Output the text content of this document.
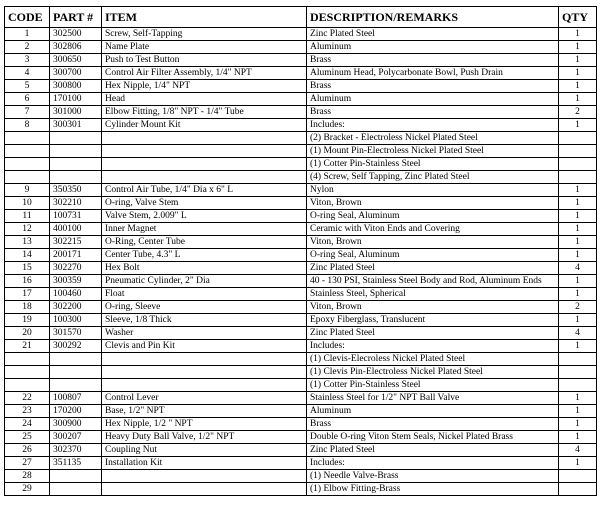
CODE	PART #	ITEM	DESCRIPTION/REMARKS	QTY
1	302500	Screw, Self-Tapping	Zinc Plated Steel	1
2	302806	Name Plate	Aluminum	1
3	300650	Push to Test Button	Brass	1
4	300700	Control Air Filter Assembly, 1/4" NPT	Aluminum Head, Polycarbonate Bowl, Push Drain	1
5	300800	Hex Nipple, 1/4" NPT	Brass	1
6	170100	Head	Aluminum	1
7	301000	Elbow Fitting, 1/8" NPT - 1/4" Tube	Brass	2
8	300301	Cylinder Mount Kit	Includes:	1
			(2) Bracket - Electroless Nickel Plated Steel	
			(1) Mount Pin-Electroless Nickel Plated Steel	
			(1) Cotter Pin-Stainless Steel	
			(4) Screw, Self Tapping, Zinc Plated Steel	
9	350350	Control Air Tube, 1/4" Dia x 6" L	Nylon	1
10	302210	O-ring, Valve Stem	Viton, Brown	1
11	100731	Valve Stem, 2.009" L	O-ring Seal, Aluminum	1
12	400100	Inner Magnet	Ceramic with Viton Ends and Covering	1
13	302215	O-Ring, Center Tube	Viton, Brown	1
14	200171	Center Tube, 4.3" L	O-ring Seal, Aluminum	1
15	302270	Hex Bolt	Zinc Plated Steel	4
16	300359	Pneumatic Cylinder, 2" Dia	40 - 130 PSI, Stainless Steel Body and Rod, Aluminum Ends	1
17	100460	Float	Stainless Steel, Spherical	1
18	302200	O-ring, Sleeve	Viton, Brown	2
19	100300	Sleeve, 1/8 Thick	Epoxy Fiberglass, Translucent	1
20	301570	Washer	Zinc Plated Steel	4
21	300292	Clevis and Pin Kit	Includes:	1
			(1) Clevis-Elecroless Nickel Plated Steel	
			(1) Clevis Pin-Electroless Nickel Plated Steel	
			(1) Cotter Pin-Stainless Steel	
22	100807	Control Lever	Stainless Steel for 1/2" NPT Ball Valve	1
23	170200	Base, 1/2" NPT	Aluminum	1
24	300900	Hex Nipple, 1/2 " NPT	Brass	1
25	300207	Heavy Duty Ball Valve, 1/2" NPT	Double O-ring Viton Stem Seals, Nickel Plated Brass	1
26	302370	Coupling Nut	Zinc Plated Steel	4
27	351135	Installation Kit	Includes:	1
28			(1) Needle Valve-Brass	
29			(1) Elbow Fitting-Brass	
